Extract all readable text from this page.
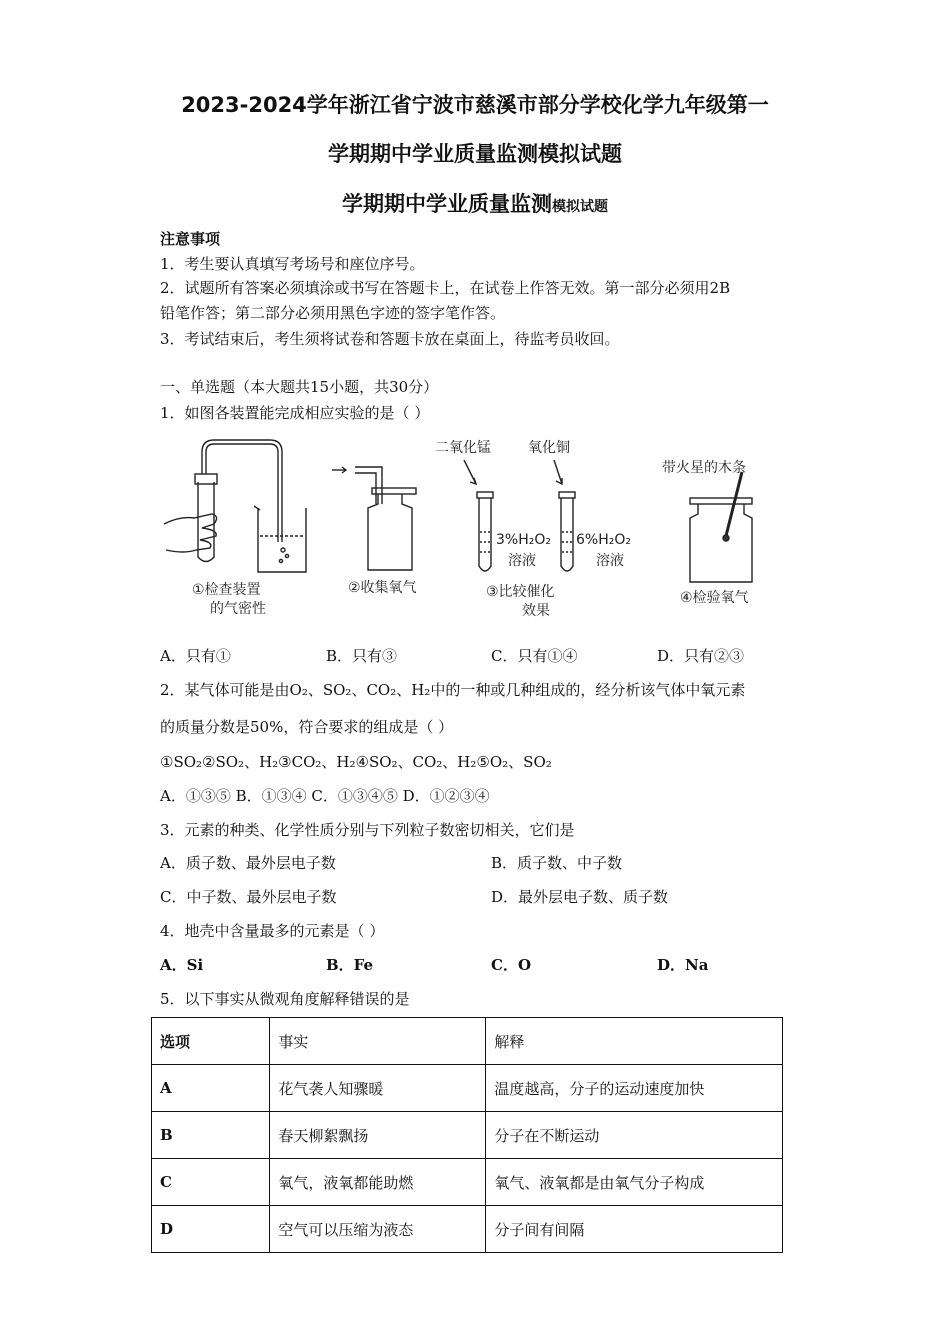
2023-2024学年浙江省宁波市慈溪市部分学校化学九年级第一
学期期中学业质量监测模拟试题
学期期中学业质量监测模拟试题
注意事项
1．考生要认真填写考场号和座位序号。
2．试题所有答案必须填涂或书写在答题卡上，在试卷上作答无效。第一部分必须用2B
铅笔作答；第二部分必须用黑色字迹的签字笔作答。
3．考试结束后，考生须将试卷和答题卡放在桌面上，待监考员收回。
一、单选题（本大题共15小题，共30分）
1．如图各装置能完成相应实验的是（ ）
①检查装置
的气密性
②收集氧气
二氧化锰	氧化铜
3%H₂O₂
溶液
6%H₂O₂
溶液
③比较催化
效果
带火星的木条
④检验氧气
A．只有①	B．只有③	C．只有①④	D．只有②③
2．某气体可能是由O₂、SO₂、CO₂、H₂中的一种或几种组成的，经分析该气体中氧元素
的质量分数是50%，符合要求的组成是（ ）
①SO₂②SO₂、H₂③CO₂、H₂④SO₂、CO₂、H₂⑤O₂、SO₂
A．①③⑤ B．①③④ C．①③④⑤ D．①②③④
3．元素的种类、化学性质分别与下列粒子数密切相关，它们是
A．质子数、最外层电子数	B．质子数、中子数
C．中子数、最外层电子数	D．最外层电子数、质子数
4．地壳中含量最多的元素是（ ）
A．Si	B．Fe	C．O	D．Na
5．以下事实从微观角度解释错误的是
选项	事实	解释
A	花气袭人知骤暖	温度越高，分子的运动速度加快
B	春天柳絮飘扬	分子在不断运动
C	氧气，液氧都能助燃	氧气、液氧都是由氧气分子构成
D	空气可以压缩为液态	分子间有间隔
